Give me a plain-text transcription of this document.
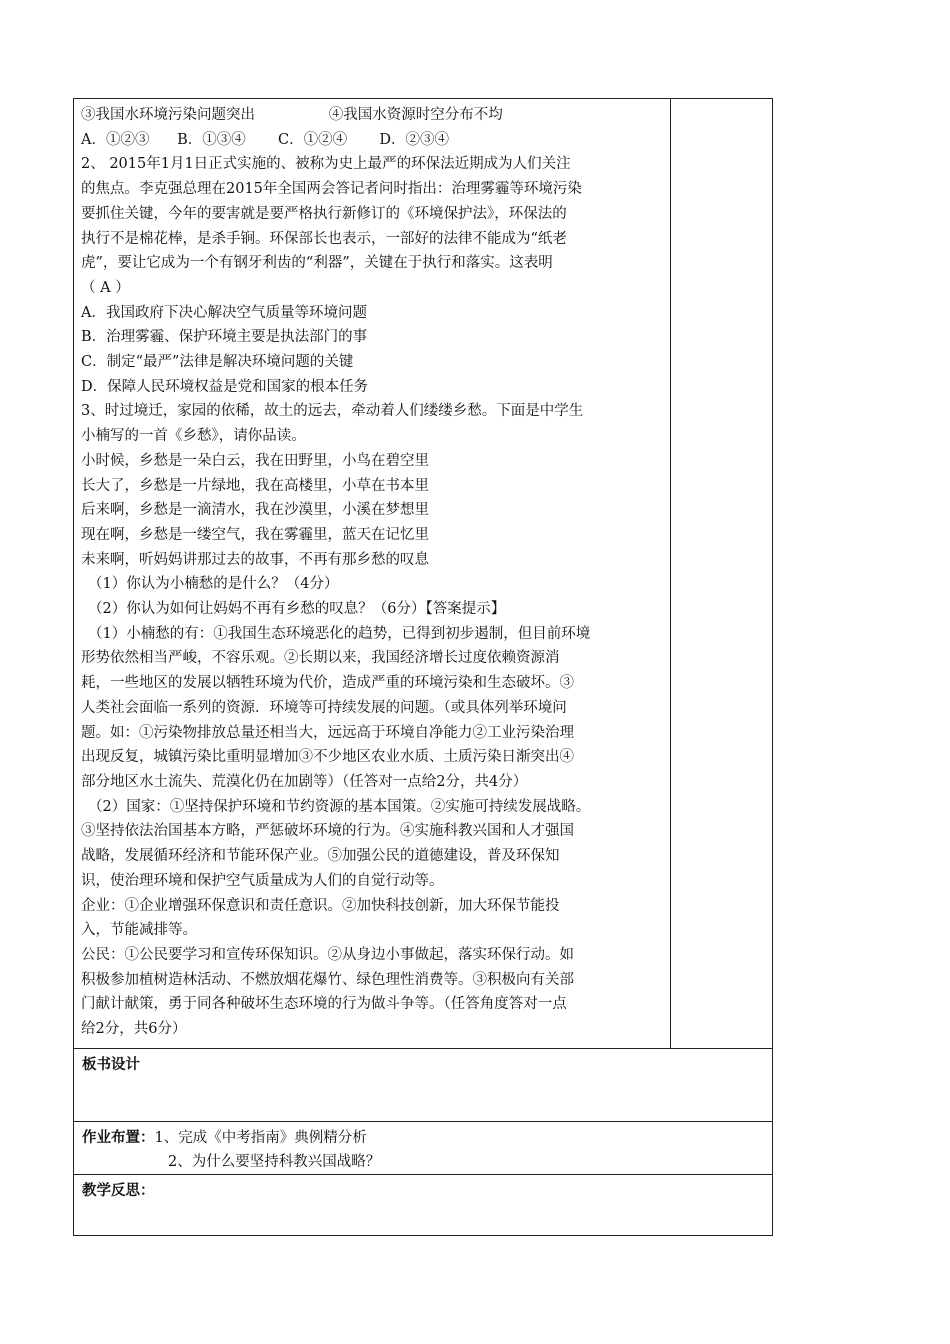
③我国水环境污染问题突出                ④我国水资源时空分布不均

A．①②③      B．①③④       C．①②④       D．②③④

2、 2015年1月1日正式实施的、被称为史上最严的环保法近期成为人们关注

的焦点。李克强总理在2015年全国两会答记者问时指出：治理雾霾等环境污染

要抓住关键，今年的要害就是要严格执行新修订的《环境保护法》，环保法的

执行不是棉花棒，是杀手锏。环保部长也表示，一部好的法律不能成为“纸老

虎”，要让它成为一个有钢牙利齿的“利器”，关键在于执行和落实。这表明

（ A ）

A．我国政府下决心解决空气质量等环境问题

B．治理雾霾、保护环境主要是执法部门的事

C．制定“最严”法律是解决环境问题的关键

D．保障人民环境权益是党和国家的根本任务

3、时过境迁，家园的依稀，故土的远去，牵动着人们缕缕乡愁。下面是中学生

小楠写的一首《乡愁》，请你品读。

小时候，乡愁是一朵白云，我在田野里，小鸟在碧空里

长大了，乡愁是一片绿地，我在高楼里，小草在书本里

后来啊，乡愁是一滴清水，我在沙漠里，小溪在梦想里

现在啊，乡愁是一缕空气，我在雾霾里，蓝天在记忆里

未来啊，听妈妈讲那过去的故事，不再有那乡愁的叹息

（1）你认为小楠愁的是什么？（4分）

（2）你认为如何让妈妈不再有乡愁的叹息？（6分）【答案提示】

（1）小楠愁的有：①我国生态环境恶化的趋势，已得到初步遏制，但目前环境

形势依然相当严峻，不容乐观。②长期以来，我国经济增长过度依赖资源消

耗，一些地区的发展以牺牲环境为代价，造成严重的环境污染和生态破坏。③

人类社会面临一系列的资源．环境等可持续发展的问题。（或具体列举环境问

题。如：①污染物排放总量还相当大，远远高于环境自净能力②工业污染治理

出现反复，城镇污染比重明显增加③不少地区农业水质、土质污染日渐突出④

部分地区水土流失、荒漠化仍在加剧等）（任答对一点给2分，共4分）

（2）国家：①坚持保护环境和节约资源的基本国策。②实施可持续发展战略。

③坚持依法治国基本方略，严惩破坏环境的行为。④实施科教兴国和人才强国

战略，发展循环经济和节能环保产业。⑤加强公民的道德建设，普及环保知

识，使治理环境和保护空气质量成为人们的自觉行动等。

企业：①企业增强环保意识和责任意识。②加快科技创新，加大环保节能投

入，节能减排等。

公民：①公民要学习和宣传环保知识。②从身边小事做起，落实环保行动。如

积极参加植树造林活动、不燃放烟花爆竹、绿色理性消费等。③积极向有关部

门献计献策，勇于同各种破坏生态环境的行为做斗争等。（任答角度答对一点

给2分，共6分）

板书设计

作业布置：1、完成《中考指南》典例精分析

2、为什么要坚持科教兴国战略？

教学反思：
